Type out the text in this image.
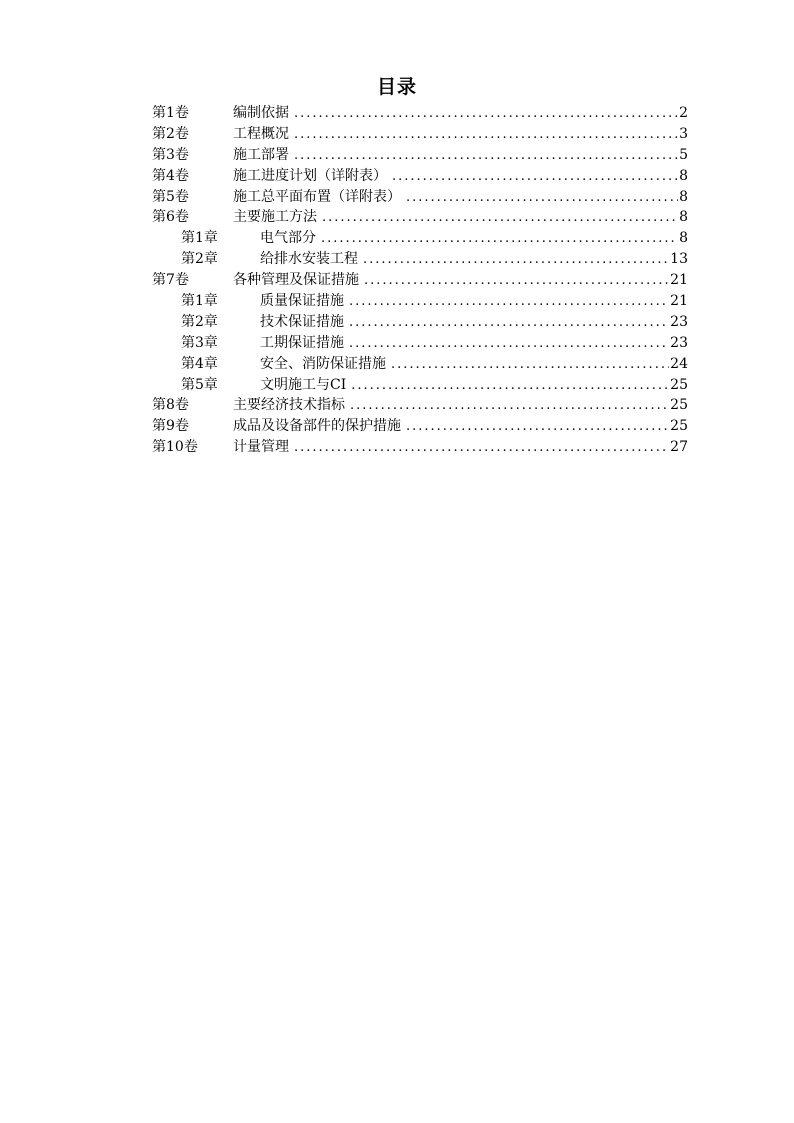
目录
第1卷	编制依据 .....	2
第2卷	工程概况 .....	3
第3卷	施工部署 .....	5
第4卷	施工进度计划（详附表） .....	8
第5卷	施工总平面布置（详附表） .....	8
第6卷	主要施工方法 .....	8
第1章	电气部分 .....	8
第2章	给排水安装工程 .....	13
第7卷	各种管理及保证措施 .....	21
第1章	质量保证措施 .....	21
第2章	技术保证措施 .....	23
第3章	工期保证措施 .....	23
第4章	安全、消防保证措施 .....	24
第5章	文明施工与CI .....	25
第8卷	主要经济技术指标 .....	25
第9卷	成品及设备部件的保护措施 .....	25
第10卷	计量管理 .....	27
